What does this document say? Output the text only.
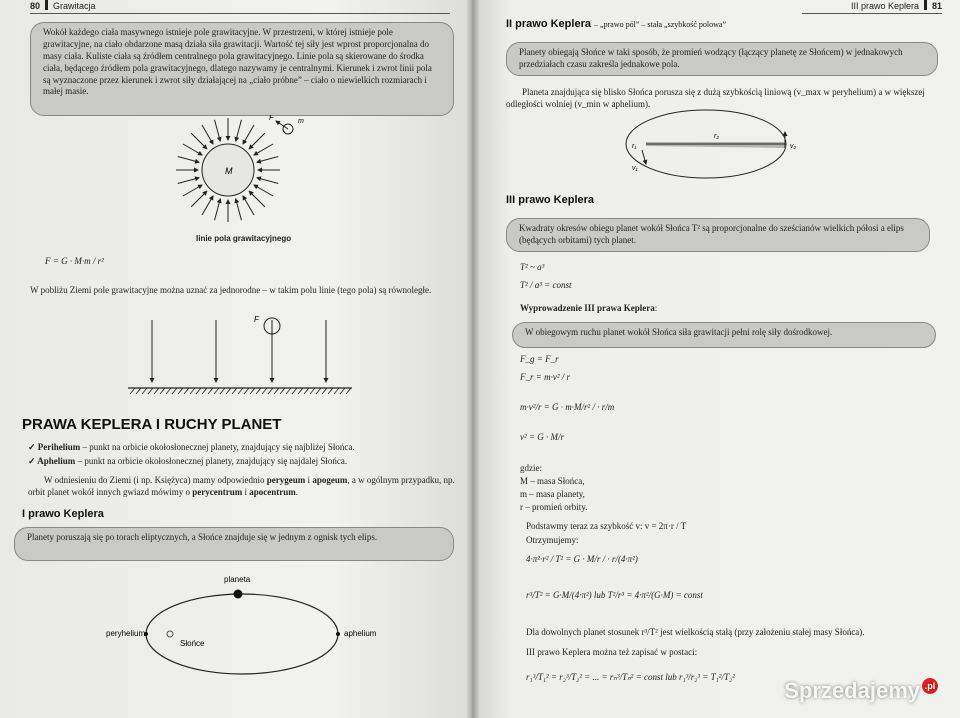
80 Grawitacja
Wokół każdego ciała masywnego istnieje pole grawitacyjne. W przestrzeni, w której istnieje pole grawitacyjne, na ciało obdarzone masą działa siła grawitacji. Wartość tej siły jest wprost proporcjonalna do masy ciała. Kuliste ciała są źródłem centralnego pola grawitacyjnego. Linie pola są skierowane do środka ciała, będącego źródłem pola grawitacyjnego, dlatego nazywamy je centralnymi. Kierunek i zwrot linii pola są wyznaczone przez kierunek i zwrot siły działającej na „ciało próbne” – ciało o niewielkich rozmiarach i małej masie.
M
F	m
linie pola grawitacyjnego
F = G · M·m / r²
W pobliżu Ziemi pole grawitacyjne można uznać za jednorodne – w takim polu linie (tego pola) są równoległe.
F
PRAWA KEPLERA I RUCHY PLANET
✓ Perihelium – punkt na orbicie okołosłonecznej planety, znajdujący się najbliżej Słońca.
✓ Aphelium – punkt na orbicie okołosłonecznej planety, znajdujący się najdalej Słońca.
W odniesieniu do Ziemi (i np. Księżyca) mamy odpowiednio perygeum i apogeum, a w ogólnym przypadku, np. orbit planet wokół innych gwiazd mówimy o perycentrum i apocentrum.
I prawo Keplera
Planety poruszają się po torach eliptycznych, a Słońce znajduje się w jednym z ognisk tych elips.
planeta
peryhelium
Słońce
aphelium
III prawo Keplera 81
II prawo Keplera – „prawo pól” – stała „szybkość polowa”
Planety obiegają Słońce w taki sposób, że promień wodzący (łączący planetę ze Słońcem) w jednakowych przedziałach czasu zakreśla jednakowe pola.
Planeta znajdująca się blisko Słońca porusza się z dużą szybkością liniową (v_max w peryhelium) a w większej odległości wolniej (v_min w aphelium).
r₁
r₂
v₁
v₂
III prawo Keplera
Kwadraty okresów obiegu planet wokół Słońca T² są proporcjonalne do sześcianów wielkich półosi a elips (będących orbitami) tych planet.
T² ~ a³
T² / a³ = const
Wyprowadzenie III prawa Keplera:
W obiegowym ruchu planet wokół Słońca siła grawitacji pełni rolę siły dośrodkowej.
F_g = F_r
F_r = m·v² / r
m·v²/r = G · m·M/r² / · r/m
v² = G · M/r
gdzie:
M – masa Słońca,
m – masa planety,
r – promień orbity.
Podstawmy teraz za szybkość v: v = 2π·r / T
Otrzymujemy:
4·π²·r² / T² = G · M/r / · r/(4·π²)
r³/T² = G·M/(4·π²) lub T²/r³ = 4·π²/(G·M) = const
Dla dowolnych planet stosunek r³/T² jest wielkością stałą (przy założeniu stałej masy Słońca).
III prawo Keplera można też zapisać w postaci:
r₁³/T₁² = r₂³/T₂² = ... = rₙ³/Tₙ² = const lub r₁³/r₂³ = T₁²/T₂²
Sprzedajemy .pl
